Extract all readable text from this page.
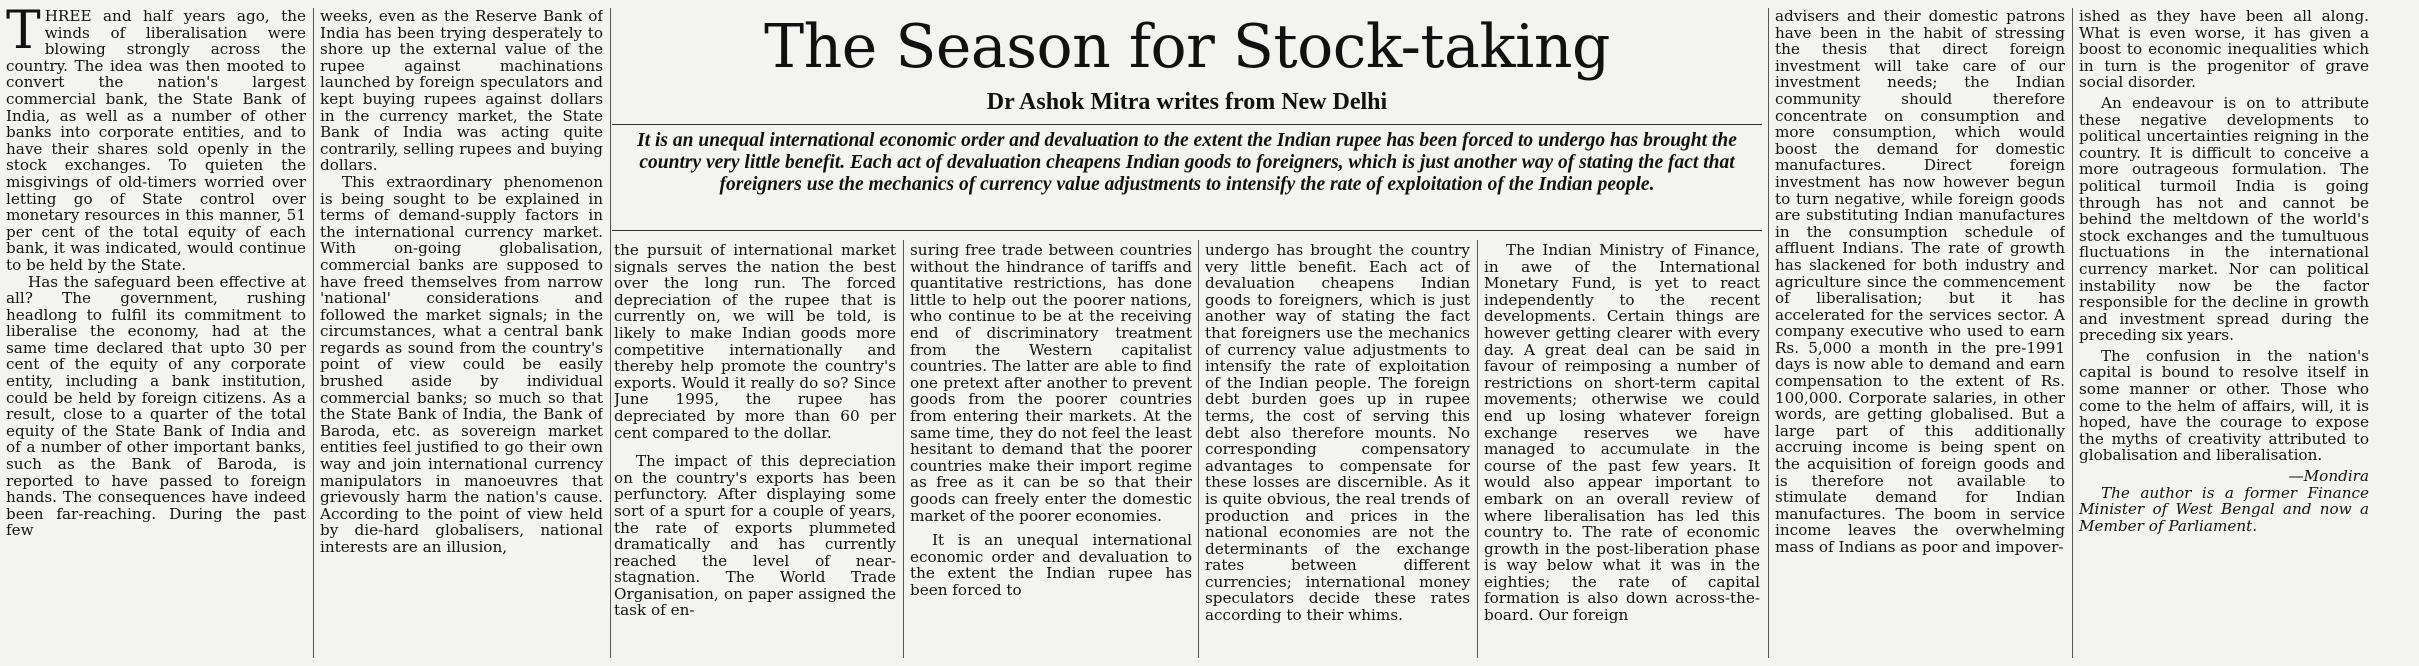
THREE and half years ago, the winds of liberalisation were blowing strongly across the country. The idea was then mooted to convert the nation's largest commercial bank, the State Bank of India, as well as a number of other banks into corporate entities, and to have their shares sold openly in the stock exchanges. To quieten the misgivings of old-timers worried over letting go of State control over monetary resources in this manner, 51 per cent of the total equity of each bank, it was indicated, would continue to be held by the State.

Has the safeguard been effective at all? The government, rushing headlong to fulfil its commitment to liberalise the economy, had at the same time declared that upto 30 per cent of the equity of any corporate entity, including a bank institution, could be held by foreign citizens. As a result, close to a quarter of the total equity of the State Bank of India and of a number of other important banks, such as the Bank of Baroda, is reported to have passed to foreign hands. The consequences have indeed been far-reaching. During the past few

weeks, even as the Reserve Bank of India has been trying desperately to shore up the external value of the rupee against machinations launched by foreign speculators and kept buying rupees against dollars in the currency market, the State Bank of India was acting quite contrarily, selling rupees and buying dollars.

This extraordinary phenomenon is being sought to be explained in terms of demand-supply factors in the international currency market. With on-going globalisation, commercial banks are supposed to have freed themselves from narrow 'national' considerations and followed the market signals; in the circumstances, what a central bank regards as sound from the country's point of view could be easily brushed aside by individual commercial banks; so much so that the State Bank of India, the Bank of Baroda, etc. as sovereign market entities feel justified to go their own way and join international currency manipulators in manoeuvres that grievously harm the nation's cause. According to the point of view held by die-hard globalisers, national interests are an illusion,

The Season for Stock-taking
Dr Ashok Mitra writes from New Delhi
It is an unequal international economic order and devaluation to the extent the Indian rupee has been forced to undergo has brought the country very little benefit. Each act of devaluation cheapens Indian goods to foreigners, which is just another way of stating the fact that foreigners use the mechanics of currency value adjustments to intensify the rate of exploitation of the Indian people.

the pursuit of international market signals serves the nation the best over the long run. The forced depreciation of the rupee that is currently on, we will be told, is likely to make Indian goods more competitive internationally and thereby help promote the country's exports. Would it really do so? Since June 1995, the rupee has depreciated by more than 60 per cent compared to the dollar.

The impact of this depreciation on the country's exports has been perfunctory. After displaying some sort of a spurt for a couple of years, the rate of exports plummeted dramatically and has currently reached the level of near-stagnation. The World Trade Organisation, on paper assigned the task of en-

suring free trade between countries without the hindrance of tariffs and quantitative restrictions, has done little to help out the poorer nations, who continue to be at the receiving end of discriminatory treatment from the Western capitalist countries. The latter are able to find one pretext after another to prevent goods from the poorer countries from entering their markets. At the same time, they do not feel the least hesitant to demand that the poorer countries make their import regime as free as it can be so that their goods can freely enter the domestic market of the poorer economies.

It is an unequal international economic order and devaluation to the extent the Indian rupee has been forced to

undergo has brought the country very little benefit. Each act of devaluation cheapens Indian goods to foreigners, which is just another way of stating the fact that foreigners use the mechanics of currency value adjustments to intensify the rate of exploitation of the Indian people. The foreign debt burden goes up in rupee terms, the cost of serving this debt also therefore mounts. No corresponding compensatory advantages to compensate for these losses are discernible. As it is quite obvious, the real trends of production and prices in the national economies are not the determinants of the exchange rates between different currencies; international money speculators decide these rates according to their whims.

The Indian Ministry of Finance, in awe of the International Monetary Fund, is yet to react independently to the recent developments. Certain things are however getting clearer with every day. A great deal can be said in favour of reimposing a number of restrictions on short-term capital movements; otherwise we could end up losing whatever foreign exchange reserves we have managed to accumulate in the course of the past few years. It would also appear important to embark on an overall review of where liberalisation has led this country to. The rate of economic growth in the post-liberation phase is way below what it was in the eighties; the rate of capital formation is also down across-the-board. Our foreign

advisers and their domestic patrons have been in the habit of stressing the thesis that direct foreign investment will take care of our investment needs; the Indian community should therefore concentrate on consumption and more consumption, which would boost the demand for domestic manufactures. Direct foreign investment has now however begun to turn negative, while foreign goods are substituting Indian manufactures in the consumption schedule of affluent Indians. The rate of growth has slackened for both industry and agriculture since the commencement of liberalisation; but it has accelerated for the services sector. A company executive who used to earn Rs. 5,000 a month in the pre-1991 days is now able to demand and earn compensation to the extent of Rs. 100,000. Corporate salaries, in other words, are getting globalised. But a large part of this additionally accruing income is being spent on the acquisition of foreign goods and is therefore not available to stimulate demand for Indian manufactures. The boom in service income leaves the overwhelming mass of Indians as poor and impover-

ished as they have been all along. What is even worse, it has given a boost to economic inequalities which in turn is the progenitor of grave social disorder.

An endeavour is on to attribute these negative developments to political uncertainties reigning in the country. It is difficult to conceive a more outrageous formulation. The political turmoil India is going through has not and cannot be behind the meltdown of the world's stock exchanges and the tumultuous fluctuations in the international currency market. Nor can political instability now be the factor responsible for the decline in growth and investment spread during the preceding six years.

The confusion in the nation's capital is bound to resolve itself in some manner or other. Those who come to the helm of affairs, will, it is hoped, have the courage to expose the myths of creativity attributed to globalisation and liberalisation.

—Mondira

The author is a former Finance Minister of West Bengal and now a Member of Parliament.
